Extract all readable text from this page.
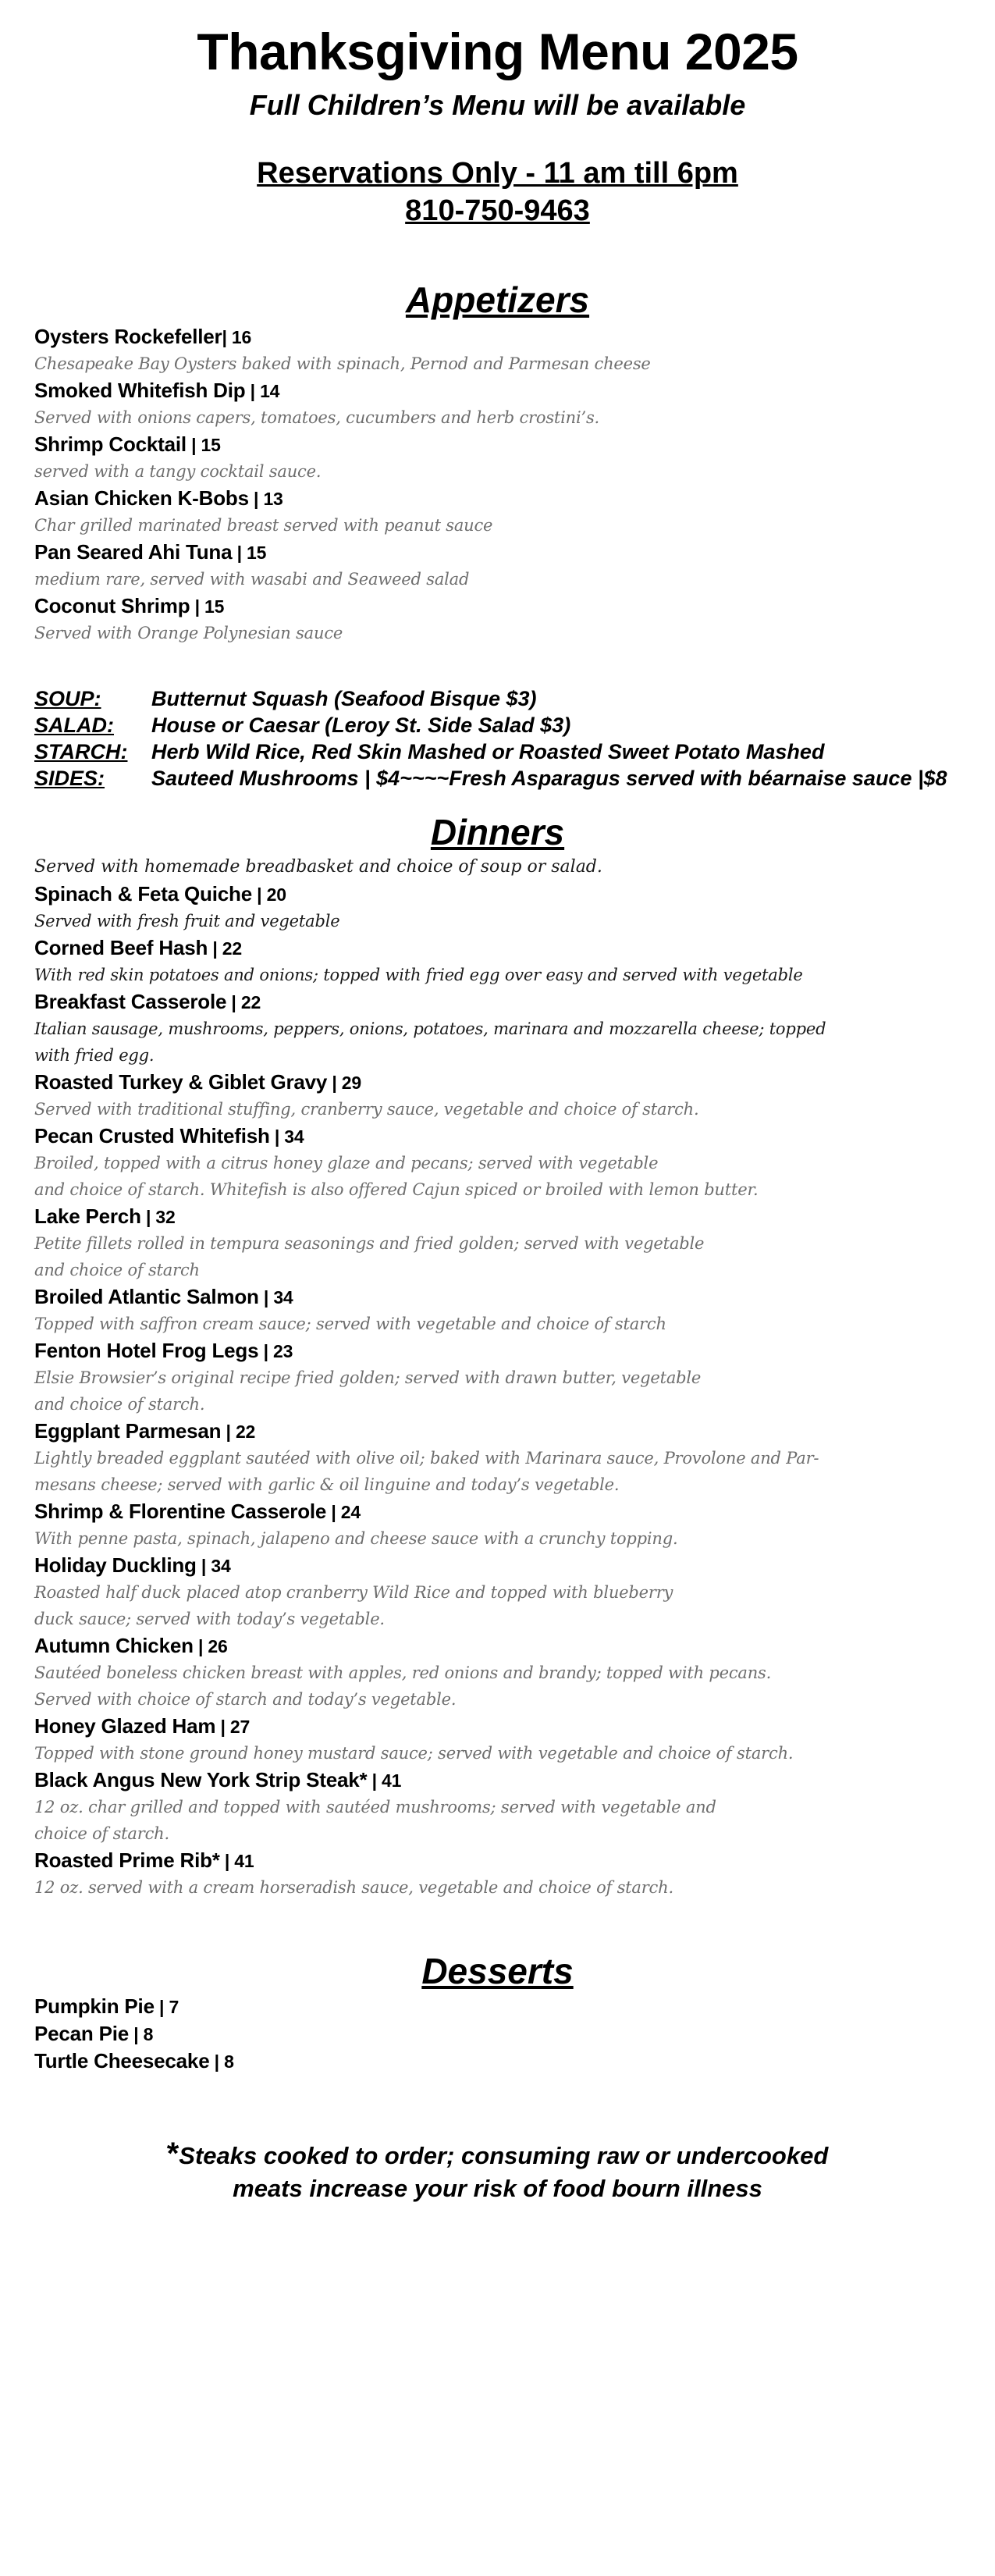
Thanksgiving Menu 2025
Full Children’s Menu will be available
Reservations Only - 11 am till 6pm
810-750-9463
Appetizers
Oysters Rockefeller| 16
Chesapeake Bay Oysters baked with spinach, Pernod and Parmesan cheese
Smoked Whitefish Dip | 14
Served with onions capers, tomatoes, cucumbers and herb crostini’s.
Shrimp Cocktail | 15
served with a tangy cocktail sauce.
Asian Chicken K-Bobs | 13
Char grilled marinated breast served with peanut sauce
Pan Seared Ahi Tuna | 15
medium rare, served with wasabi and Seaweed salad
Coconut Shrimp | 15
Served with Orange Polynesian sauce
SOUP:	Butternut Squash (Seafood Bisque $3)
SALAD:	House or Caesar (Leroy St. Side Salad $3)
STARCH:	Herb Wild Rice, Red Skin Mashed or Roasted Sweet Potato Mashed
SIDES:	Sauteed Mushrooms | $4~~~~Fresh Asparagus served with béarnaise sauce |$8
Dinners
Served with homemade breadbasket and choice of soup or salad.
Spinach & Feta Quiche | 20
Served with fresh fruit and vegetable
Corned Beef Hash | 22
With red skin potatoes and onions; topped with fried egg over easy and served with vegetable
Breakfast Casserole | 22
Italian sausage, mushrooms, peppers, onions, potatoes, marinara and mozzarella cheese; topped
with fried egg.
Roasted Turkey & Giblet Gravy | 29
Served with traditional stuffing, cranberry sauce, vegetable and choice of starch.
Pecan Crusted Whitefish | 34
Broiled, topped with a citrus honey glaze and pecans; served with vegetable
and choice of starch. Whitefish is also offered Cajun spiced or broiled with lemon butter.
Lake Perch | 32
Petite fillets rolled in tempura seasonings and fried golden; served with vegetable
and choice of starch
Broiled Atlantic Salmon | 34
Topped with saffron cream sauce; served with vegetable and choice of starch
Fenton Hotel Frog Legs | 23
Elsie Browsier’s original recipe fried golden; served with drawn butter, vegetable
and choice of starch.
Eggplant Parmesan | 22
Lightly breaded eggplant sautéed with olive oil; baked with Marinara sauce, Provolone and Par-
mesans cheese; served with garlic & oil linguine and today’s vegetable.
Shrimp & Florentine Casserole | 24
With penne pasta, spinach, jalapeno and cheese sauce with a crunchy topping.
Holiday Duckling | 34
Roasted half duck placed atop cranberry Wild Rice and topped with blueberry
duck sauce; served with today’s vegetable.
Autumn Chicken | 26
Sautéed boneless chicken breast with apples, red onions and brandy; topped with pecans.
Served with choice of starch and today’s vegetable.
Honey Glazed Ham | 27
Topped with stone ground honey mustard sauce; served with vegetable and choice of starch.
Black Angus New York Strip Steak* | 41
12 oz. char grilled and topped with sautéed mushrooms; served with vegetable and
choice of starch.
Roasted Prime Rib* | 41
12 oz. served with a cream horseradish sauce, vegetable and choice of starch.
Desserts
Pumpkin Pie | 7
Pecan Pie | 8
Turtle Cheesecake | 8
*Steaks cooked to order; consuming raw or undercooked
meats increase your risk of food bourn illness
